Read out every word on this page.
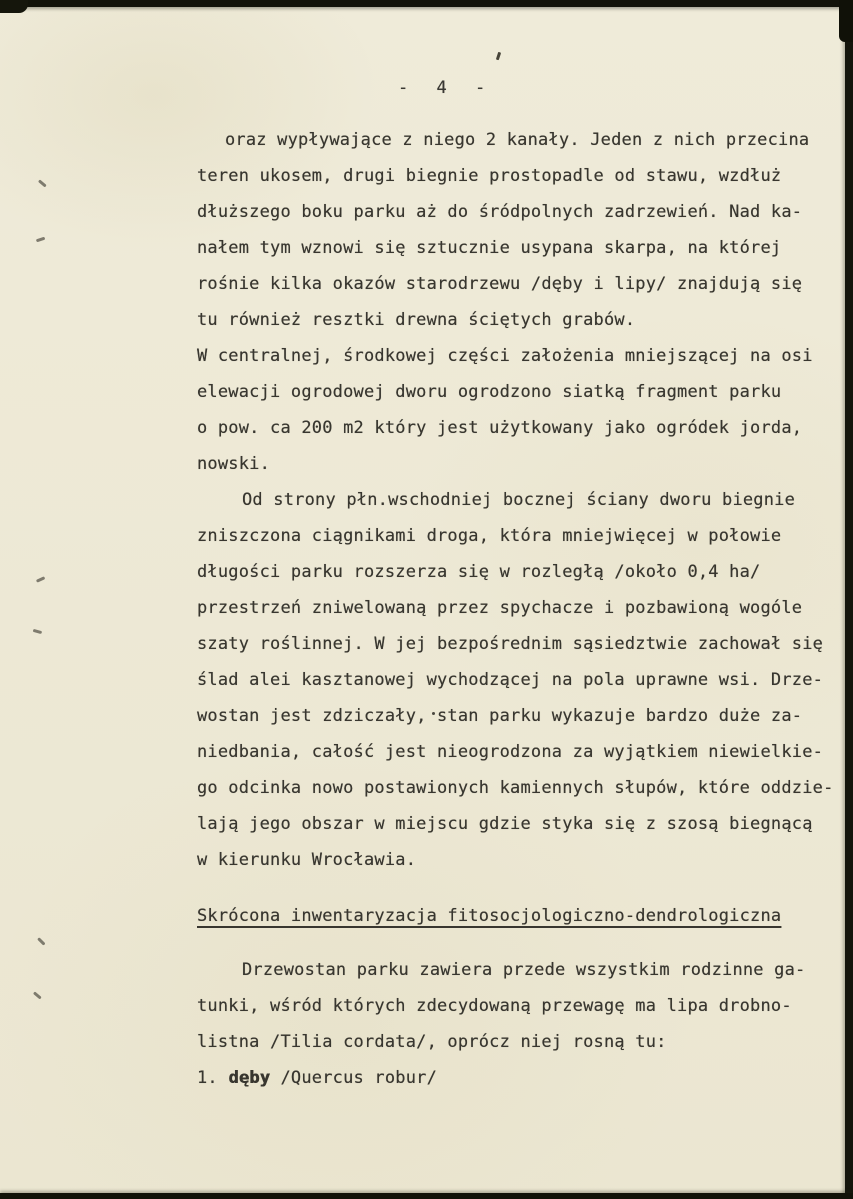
- 4 -
oraz wypływające z niego 2 kanały. Jeden z nich przecina
teren ukosem, drugi biegnie prostopadle od stawu, wzdłuż
dłuższego boku parku aż do śródpolnych zadrzewień. Nad ka-
nałem tym wznowi się sztucznie usypana skarpa, na której
rośnie kilka okazów starodrzewu /dęby i lipy/ znajdują się
tu również resztki drewna ściętych grabów.
W centralnej, środkowej części założenia mniejszącej na osi
elewacji ogrodowej dworu ogrodzono siatką fragment parku
o pow. ca 200 m2 który jest użytkowany jako ogródek jorda,
nowski.
Od strony płn.wschodniej bocznej ściany dworu biegnie
zniszczona ciągnikami droga, która mniejwięcej w połowie
długości parku rozszerza się w rozległą /około 0,4 ha/
przestrzeń zniwelowaną przez spychacze i pozbawioną wogóle
szaty roślinnej. W jej bezpośrednim sąsiedztwie zachował się
ślad alei kasztanowej wychodzącej na pola uprawne wsi. Drze-
wostan jest zdziczały, stan parku wykazuje bardzo duże za-
niedbania, całość jest nieogrodzona za wyjątkiem niewielkie-
go odcinka nowo postawionych kamiennych słupów, które oddzie-
lają jego obszar w miejscu gdzie styka się z szosą biegnącą
w kierunku Wrocławia.
Skrócona inwentaryzacja fitosocjologiczno-dendrologiczna
Drzewostan parku zawiera przede wszystkim rodzinne ga-
tunki, wśród których zdecydowaną przewagę ma lipa drobno-
listna /Tilia cordata/, oprócz niej rosną tu:
1. dęby /Quercus robur/
